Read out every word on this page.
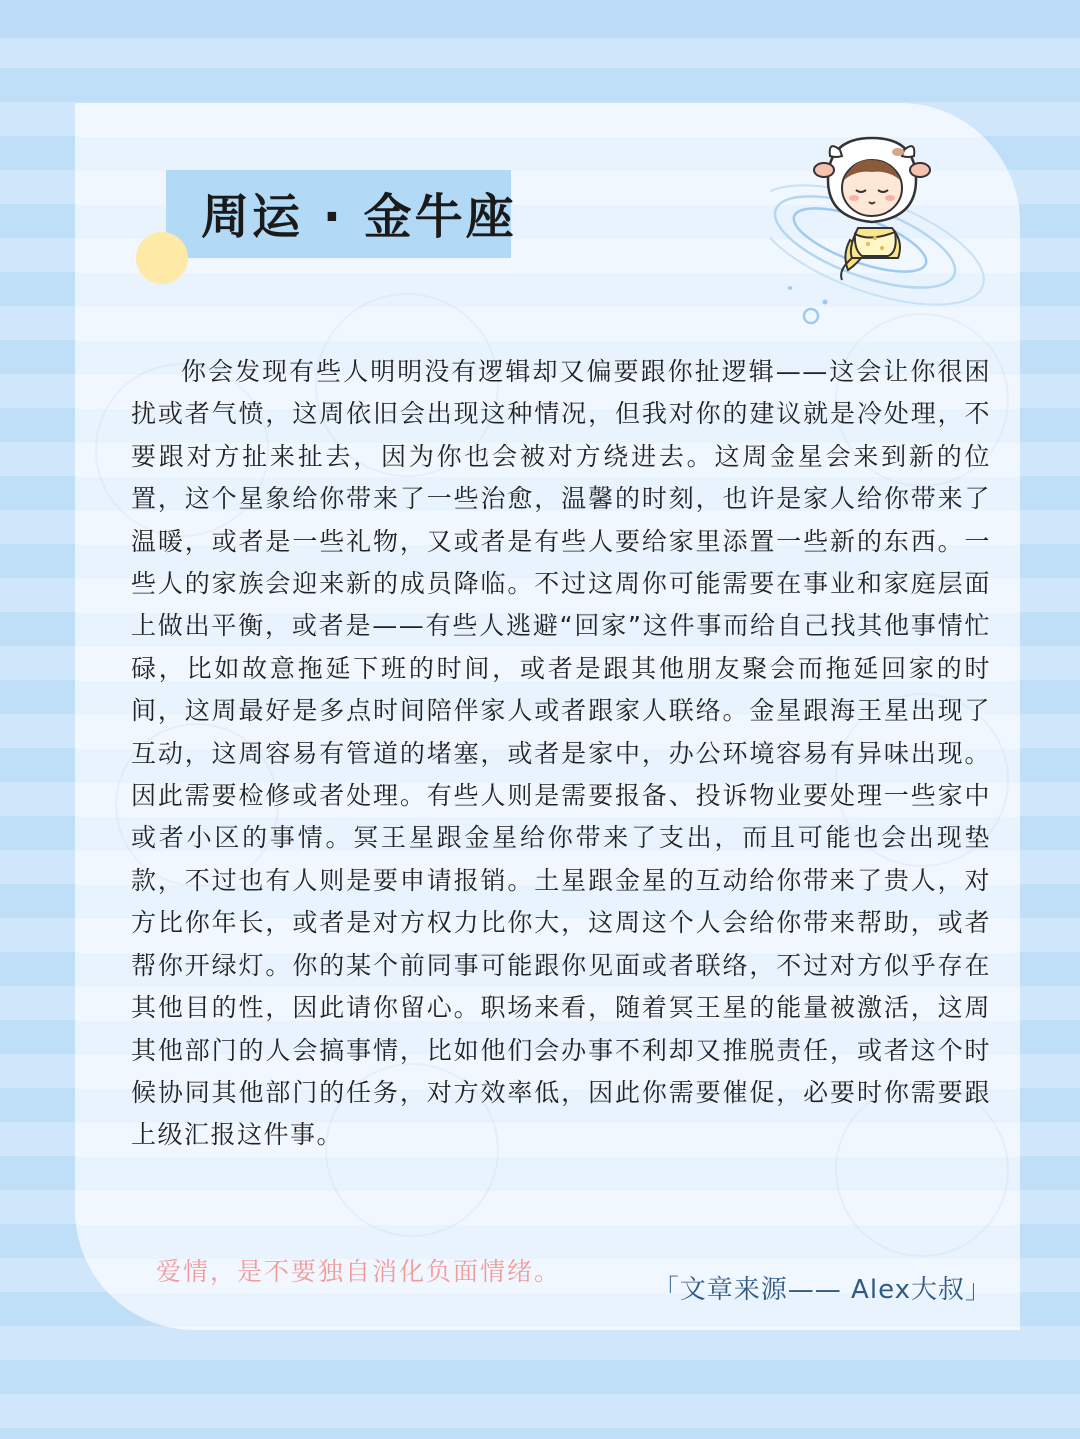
周运 · 金牛座

你会发现有些人明明没有逻辑却又偏要跟你扯逻辑——这会让你很困扰或者气愤，这周依旧会出现这种情况，但我对你的建议就是冷处理，不要跟对方扯来扯去，因为你也会被对方绕进去。这周金星会来到新的位置，这个星象给你带来了一些治愈，温馨的时刻，也许是家人给你带来了温暖，或者是一些礼物，又或者是有些人要给家里添置一些新的东西。一些人的家族会迎来新的成员降临。不过这周你可能需要在事业和家庭层面上做出平衡，或者是——有些人逃避“回家”这件事而给自己找其他事情忙碌，比如故意拖延下班的时间，或者是跟其他朋友聚会而拖延回家的时间，这周最好是多点时间陪伴家人或者跟家人联络。金星跟海王星出现了互动，这周容易有管道的堵塞，或者是家中，办公环境容易有异味出现。因此需要检修或者处理。有些人则是需要报备、投诉物业要处理一些家中或者小区的事情。冥王星跟金星给你带来了支出，而且可能也会出现垫款，不过也有人则是要申请报销。土星跟金星的互动给你带来了贵人，对方比你年长，或者是对方权力比你大，这周这个人会给你带来帮助，或者帮你开绿灯。你的某个前同事可能跟你见面或者联络，不过对方似乎存在其他目的性，因此请你留心。职场来看，随着冥王星的能量被激活，这周其他部门的人会搞事情，比如他们会办事不利却又推脱责任，或者这个时候协同其他部门的任务，对方效率低，因此你需要催促，必要时你需要跟上级汇报这件事。

爱情，是不要独自消化负面情绪。
「文章来源—— Alex大叔」
